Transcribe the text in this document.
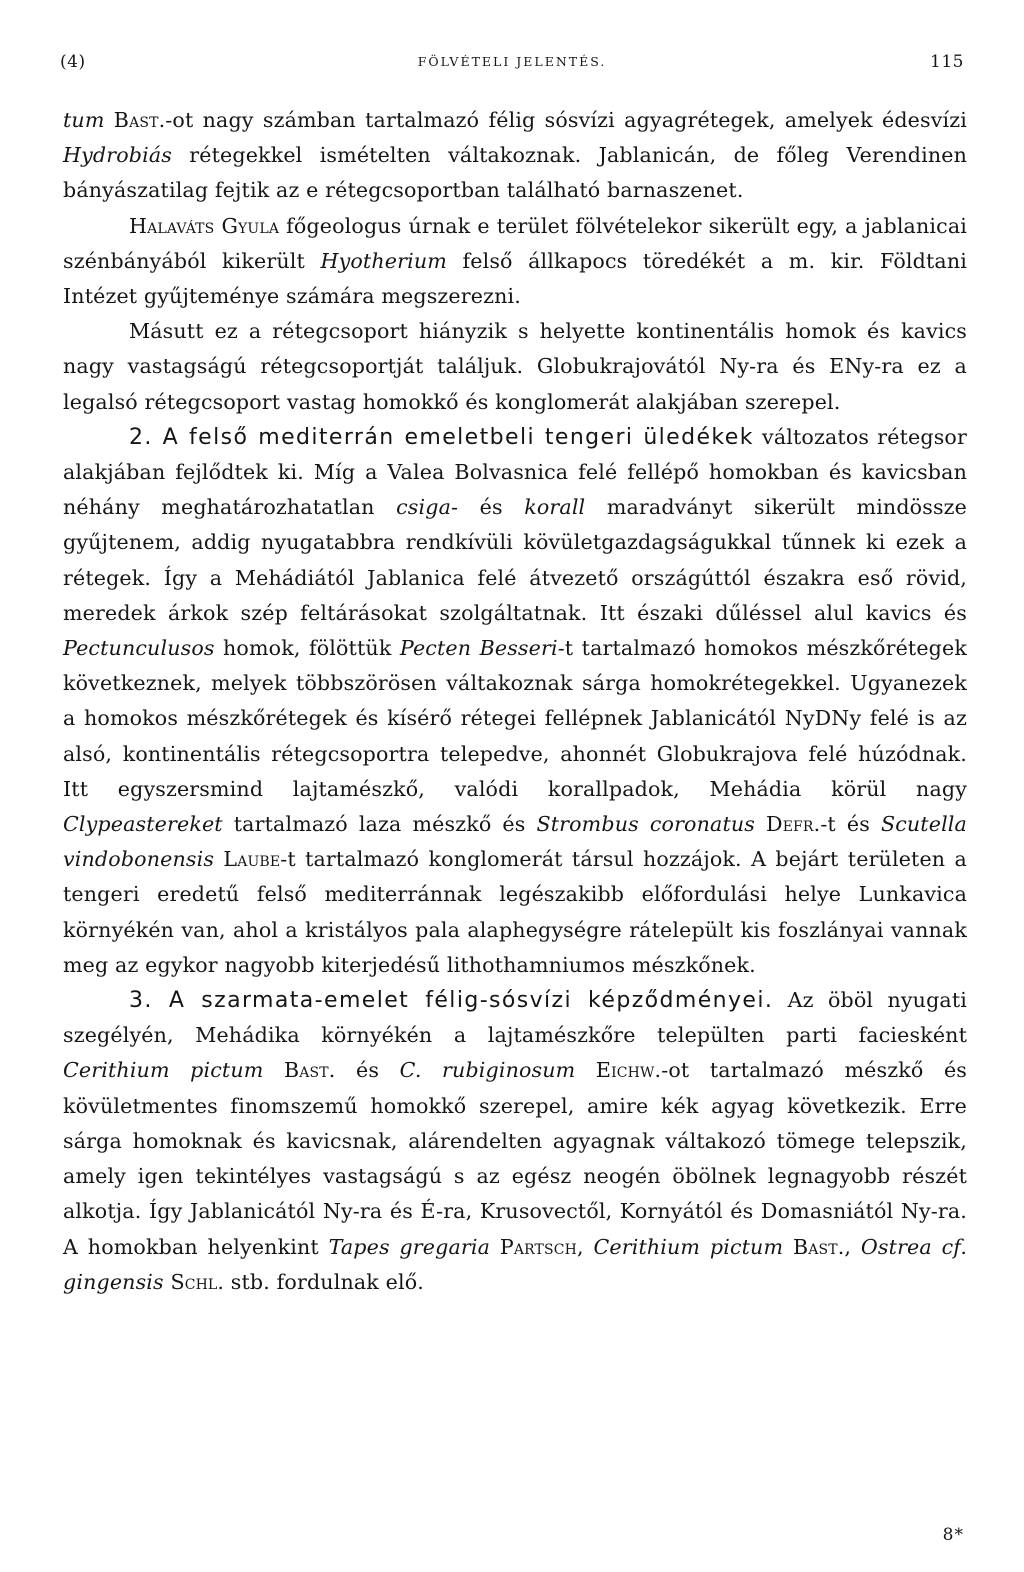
(4)	FÖLVÉTELI JELENTÉS.	115

tum Bast.-ot nagy számban tartalmazó félig sósvízi agyagrétegek, amelyek édesvízi Hydrobiás rétegekkel ismételten váltakoznak. Jablanicán, de főleg Verendinen bányászatilag fejtik az e rétegcsoportban található barnaszenet.

Halaváts Gyula főgeologus úrnak e terület fölvételekor sikerült egy, a jablanicai szénbányából kikerült Hyotherium felső állkapocs töredékét a m. kir. Földtani Intézet gyűjteménye számára megszerezni.

Másutt ez a rétegcsoport hiányzik s helyette kontinentális homok és kavics nagy vastagságú rétegcsoportját találjuk. Globukrajovától Ny-ra és ENy-ra ez a legalsó rétegcsoport vastag homokkő és konglomerát alakjában szerepel.

2. A felső mediterrán emeletbeli tengeri üledékek változatos rétegsor alakjában fejlődtek ki. Míg a Valea Bolvasnica felé fellépő homokban és kavicsban néhány meghatározhatatlan csiga- és korall maradványt sikerült mindössze gyűjtenem, addig nyugatabbra rendkívüli kövületgazdagságukkal tűnnek ki ezek a rétegek. Így a Mehádiától Jablanica felé átvezető országúttól északra eső rövid, meredek árkok szép feltárásokat szolgáltatnak. Itt északi dűléssel alul kavics és Pectunculusos homok, fölöttük Pecten Besseri-t tartalmazó homokos mészkőrétegek következnek, melyek többszörösen váltakoznak sárga homokrétegekkel. Ugyanezek a homokos mészkőrétegek és kísérő rétegei fellépnek Jablanicától NyDNy felé is az alsó, kontinentális rétegcsoportra telepedve, ahonnét Globukrajova felé húzódnak. Itt egyszersmind lajtamészkő, valódi korallpadok, Mehádia körül nagy Clypeastereket tartalmazó laza mészkő és Strombus coronatus Defr.-t és Scutella vindobonensis Laube-t tartalmazó konglomerát társul hozzájok. A bejárt területen a tengeri eredetű felső mediterránnak legészakibb előfordulási helye Lunkavica környékén van, ahol a kristályos pala alaphegységre rátelepült kis foszlányai vannak meg az egykor nagyobb kiterjedésű lithothamniumos mészkőnek.

3. A szarmata-emelet félig-sósvízi képződményei. Az öböl nyugati szegélyén, Mehádika környékén a lajtamészkőre települten parti faciesként Cerithium pictum Bast. és C. rubiginosum Eichw.-ot tartalmazó mészkő és kövületmentes finomszemű homokkő szerepel, amire kék agyag következik. Erre sárga homoknak és kavicsnak, alárendelten agyagnak váltakozó tömege telepszik, amely igen tekintélyes vastagságú s az egész neogén öbölnek legnagyobb részét alkotja. Így Jablanicától Ny-ra és É-ra, Krusovectől, Kornyától és Domasniától Ny-ra. A homokban helyenkint Tapes gregaria Partsch, Cerithium pictum Bast., Ostrea cf. gingensis Schl. stb. fordulnak elő.

8*
